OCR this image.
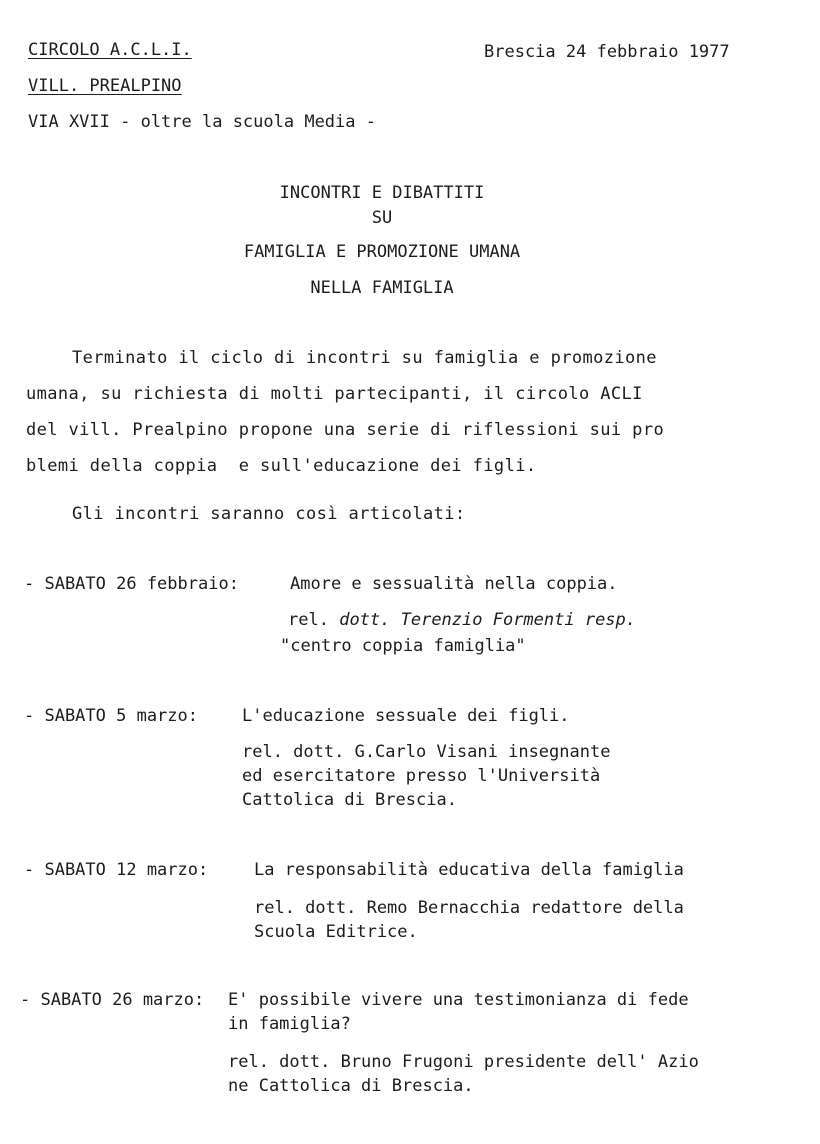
CIRCOLO A.C.L.I.
VILL. PREALPINO
VIA XVII - oltre la scuola Media -
Brescia 24 febbraio 1977
INCONTRI E DIBATTITI
SU
FAMIGLIA E PROMOZIONE UMANA
NELLA FAMIGLIA
Terminato il ciclo di incontri su famiglia e promozione
umana, su richiesta di molti partecipanti, il circolo ACLI
del vill. Prealpino propone una serie di riflessioni sui pro
blemi della coppia  e sull'educazione dei figli.
Gli incontri saranno così articolati:
- SABATO 26 febbraio:	Amore e sessualità nella coppia.
rel. dott. Terenzio Formenti resp.
"centro coppia famiglia"
- SABATO 5 marzo:	L'educazione sessuale dei figli.
rel. dott. G.Carlo Visani insegnante
ed esercitatore presso l'Università
Cattolica di Brescia.
- SABATO 12 marzo:	La responsabilità educativa della famiglia
rel. dott. Remo Bernacchia redattore della
Scuola Editrice.
- SABATO 26 marzo: E' possibile vivere una testimonianza di fede
in famiglia?
rel. dott. Bruno Frugoni presidente dell' Azio
ne Cattolica di Brescia.
